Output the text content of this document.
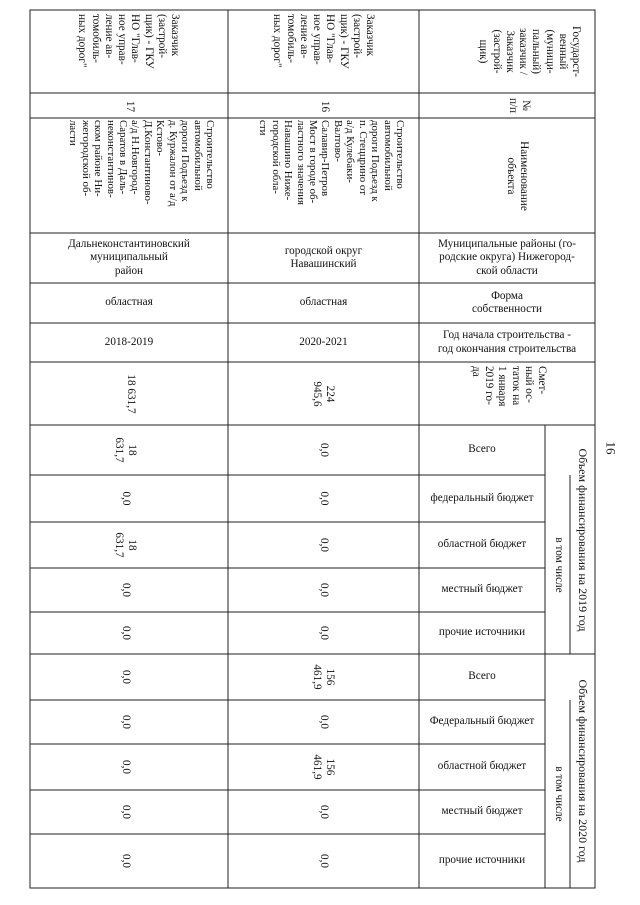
16
Государст-
венный
(муници-
пальный)
заказчик /
Заказчик
(застрой-
щик)
№
п/п
Наименование
объекта
Муниципальные районы (го-
родские округа) Нижегород-
ской области
Форма
собственности
Год начала строительства -
год окончания строительства
Смет-
ный ос-
таток на
1 января
2019 го-
да
Объем финансирования на 2019 год
в том числе
Всего
федеральный бюджет
областной бюджет
местный бюджет
прочие источники
Объем финансирования на 2020 год
в том числе
Всего
Федеральный бюджет
областной бюджет
местный бюджет
прочие источники
Заказчик
(застрой-
щик) - ГКУ
НО "Глав-
ное управ-
ление ав-
томобиль-
ных дорог"
16
Строительство
автомобильной
дороги Подъезд к
п. Стеццрино от
а/д Кулебаки-
Валтово-
Салавир-Петров
Мост в городе об-
ластного значения
Навашино Ниже-
городской обла-
сти
городской округ
Навашинский
областная
2020-2021
224
945,6
0,0
0,0
0,0
0,0
0,0
156
461,9
0,0
156
461,9
0,0
0,0
Заказчик
(застрой-
щик) - ГКУ
НО "Глав-
ное управ-
ление ав-
томобиль-
ных дорог"
17
Строительство
автомобильной
дороги Подъезд к
д. Куржалон от а/д
Кстово-
Д.Константиново-
а/д Н.Новгород-
Саратов в Даль-
неконстантинов-
ском районе Ни-
жегородской об-
ласти
Дальнеконстантиновский
муниципальный
район
областная
2018-2019
18 631,7
18
631,7
0,0
18
631,7
0,0
0,0
0,0
0,0
0,0
0,0
0,0
